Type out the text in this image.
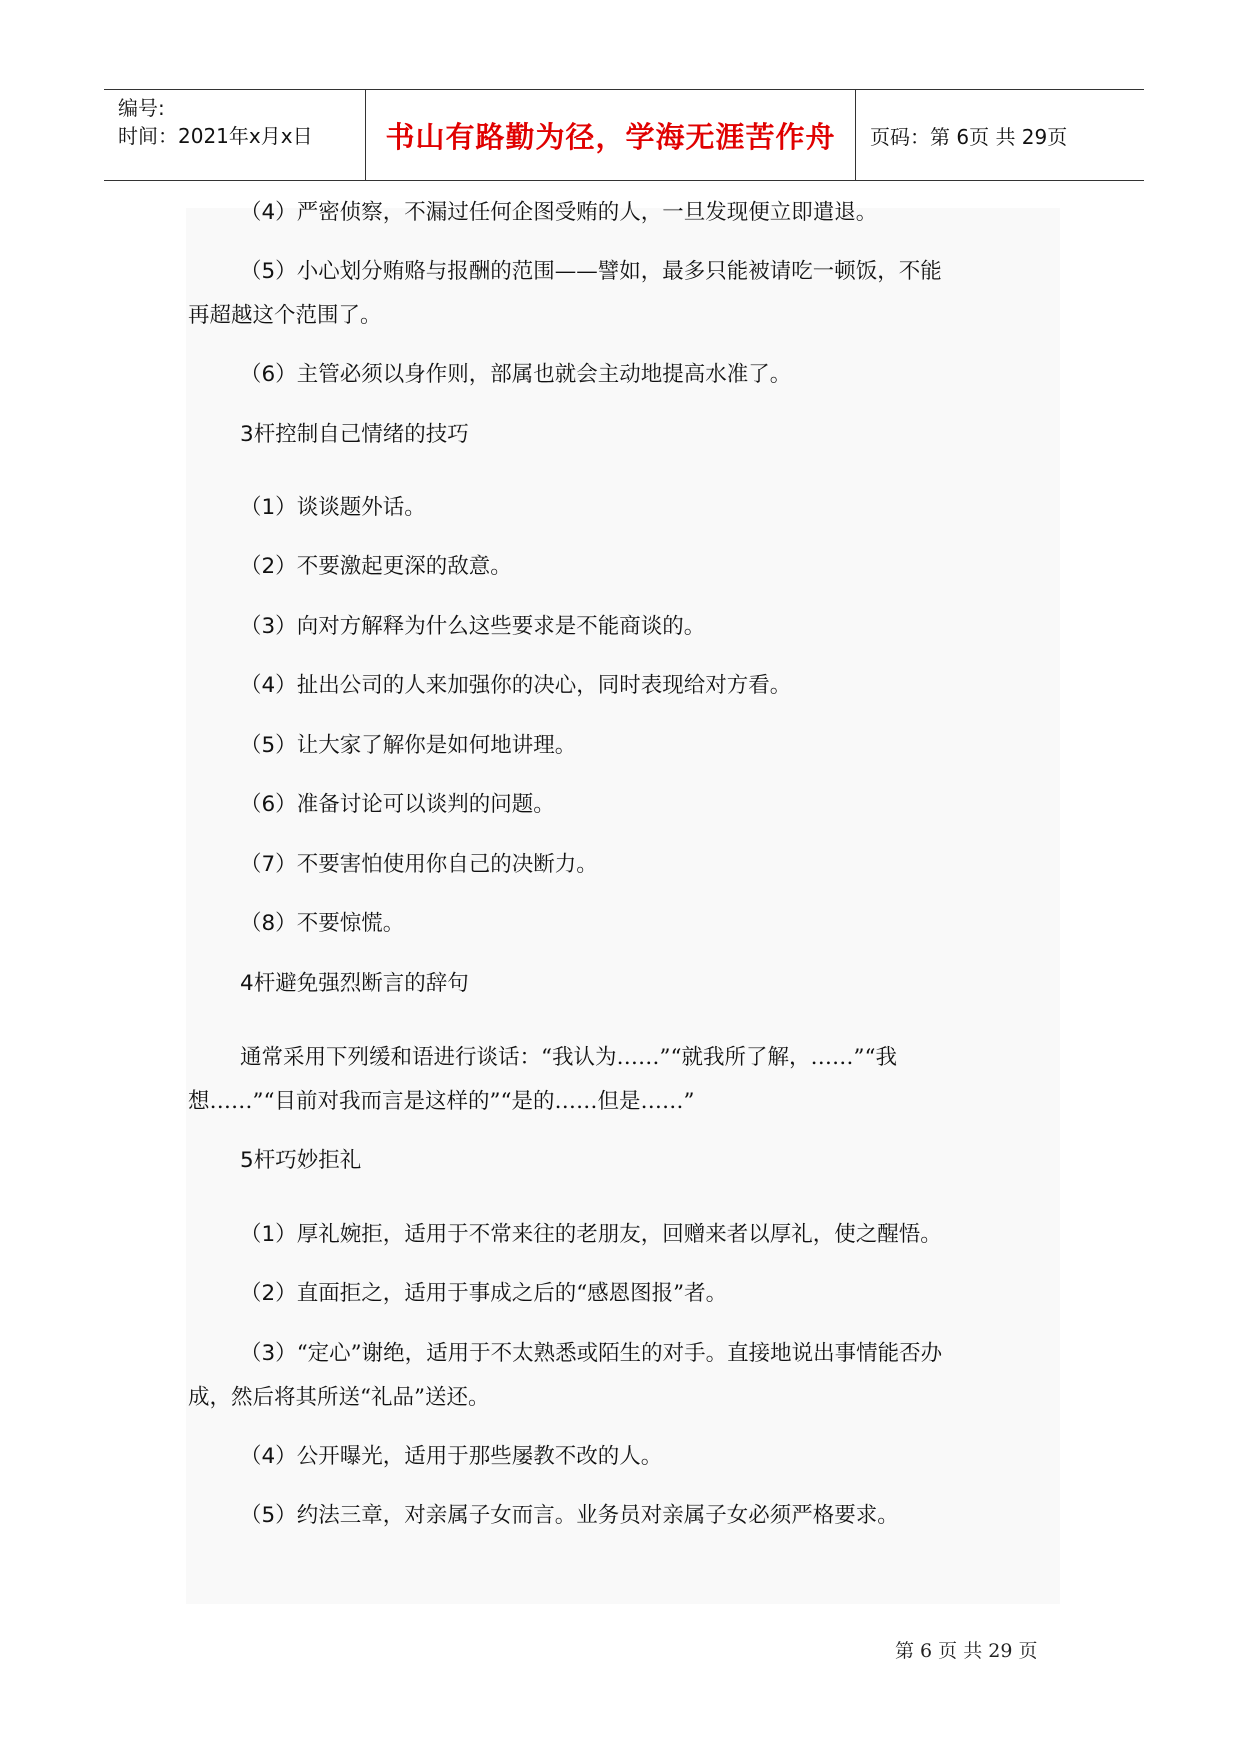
编号:
时间：2021年x月x日	书山有路勤为径，学海无涯苦作舟	页码：第 6页 共 29页
（4）严密侦察，不漏过任何企图受贿的人，一旦发现便立即遣退。
（5）小心划分贿赂与报酬的范围——譬如，最多只能被请吃一顿饭，不能
再超越这个范围了。
（6）主管必须以身作则，部属也就会主动地提高水准了。
3杆控制自己情绪的技巧
（1）谈谈题外话。
（2）不要激起更深的敌意。
（3）向对方解释为什么这些要求是不能商谈的。
（4）扯出公司的人来加强你的决心，同时表现给对方看。
（5）让大家了解你是如何地讲理。
（6）准备讨论可以谈判的问题。
（7）不要害怕使用你自己的决断力。
（8）不要惊慌。
4杆避免强烈断言的辞句
通常采用下列缓和语进行谈话：“我认为……”“就我所了解，……”“我
想……”“目前对我而言是这样的”“是的……但是……”
5杆巧妙拒礼
（1）厚礼婉拒，适用于不常来往的老朋友，回赠来者以厚礼，使之醒悟。
（2）直面拒之，适用于事成之后的“感恩图报”者。
（3）“定心”谢绝，适用于不太熟悉或陌生的对手。直接地说出事情能否办
成，然后将其所送“礼品”送还。
（4）公开曝光，适用于那些屡教不改的人。
（5）约法三章，对亲属子女而言。业务员对亲属子女必须严格要求。
第 6 页 共 29 页
